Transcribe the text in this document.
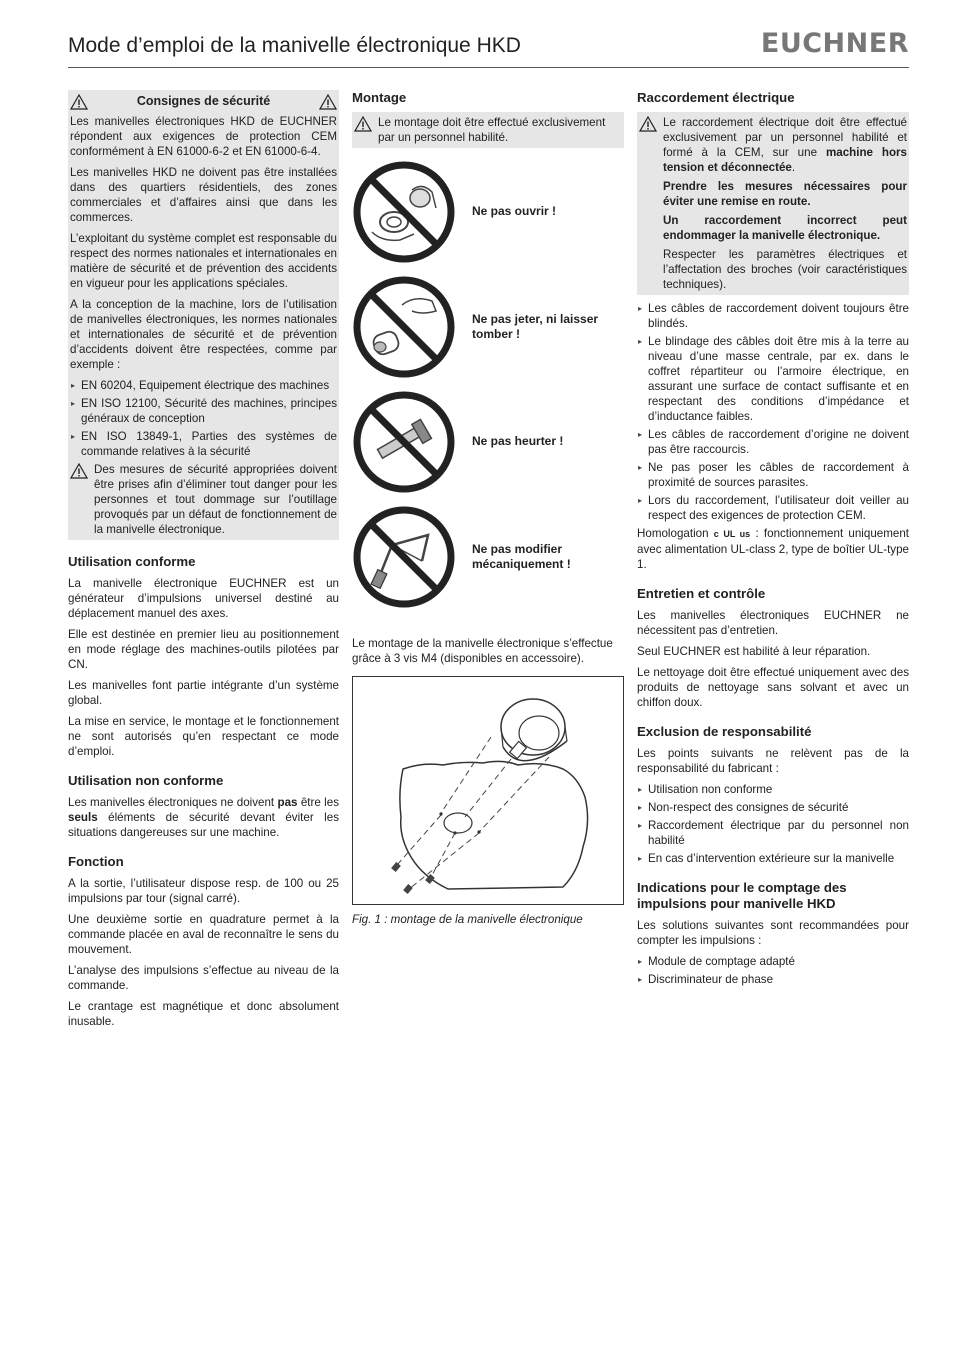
Mode d’emploi de la manivelle électronique HKD	EUCHNER
Consignes de sécurité

Les manivelles électroniques HKD de EUCHNER répondent aux exigences de protection CEM conformément à EN 61000-6-2 et EN 61000-6-4.

Les manivelles HKD ne doivent pas être installées dans des quartiers résidentiels, des zones commerciales et d’affaires ainsi que dans les commerces.

L’exploitant du système complet est responsable du respect des normes nationales et internationales en matière de sécurité et de prévention des accidents en vigueur pour les applications spéciales.

A la conception de la machine, lors de l’utilisation de manivelles électroniques, les normes nationales et internationales de sécurité et de prévention d’accidents doivent être respectées, comme par exemple :

▸ EN 60204, Equipement électrique des machines
▸ EN ISO 12100, Sécurité des machines, principes généraux de conception
▸ EN ISO 13849-1, Parties des systèmes de commande relatives à la sécurité
Des mesures de sécurité appropriées doivent être prises afin d’éliminer tout danger pour les personnes et tout dommage sur l’outillage provoqués par un défaut de fonctionnement de la manivelle électronique.
Utilisation conforme

La manivelle électronique EUCHNER est un générateur d’impulsions universel destiné au déplacement manuel des axes.

Elle est destinée en premier lieu au positionnement en mode réglage des machines-outils pilotées par CN.

Les manivelles font partie intégrante d’un système global.

La mise en service, le montage et le fonctionnement ne sont autorisés qu’en respectant ce mode d’emploi.

Utilisation non conforme

Les manivelles électroniques ne doivent pas être les seuls éléments de sécurité devant éviter les situations dangereuses sur une machine.

Fonction

A la sortie, l’utilisateur dispose resp. de 100 ou 25 impulsions par tour (signal carré).

Une deuxième sortie en quadrature permet à la commande placée en aval de reconnaître le sens du mouvement.

L’analyse des impulsions s’effectue au niveau de la commande.

Le crantage est magnétique et donc absolument inusable.

Montage
Le montage doit être effectué exclusivement par un personnel habilité.
Ne pas ouvrir !
Ne pas jeter, ni laisser tomber !
Ne pas heurter !
Ne pas modifier mécaniquement !

Le montage de la manivelle électronique s’effectue grâce à 3 vis M4 (disponibles en accessoire).

Fig. 1 : montage de la manivelle électronique
Raccordement électrique

Le raccordement électrique doit être effectué exclusivement par un personnel habilité et formé à la CEM, sur une machine hors tension et déconnectée.

Prendre les mesures nécessaires pour éviter une remise en route.

Un raccordement incorrect peut endommager la manivelle électronique.

Respecter les paramètres électriques et l’affectation des broches (voir caractéristiques techniques).

▸ Les câbles de raccordement doivent toujours être blindés.
▸ Le blindage des câbles doit être mis à la terre au niveau d’une masse centrale, par ex. dans le coffret répartiteur ou l’armoire électrique, en assurant une surface de contact suffisante et en respectant des conditions d’impédance et d’inductance faibles.
▸ Les câbles de raccordement d’origine ne doivent pas être raccourcis.
▸ Ne pas poser les câbles de raccordement à proximité de sources parasites.
▸ Lors du raccordement, l’utilisateur doit veiller au respect des exigences de protection CEM.

Homologation c UL us : fonctionnement uniquement avec alimentation UL-class 2, type de boîtier UL-type 1.

Entretien et contrôle

Les manivelles électroniques EUCHNER ne nécessitent pas d’entretien.

Seul EUCHNER est habilité à leur réparation.

Le nettoyage doit être effectué uniquement avec des produits de nettoyage sans solvant et avec un chiffon doux.

Exclusion de responsabilité

Les points suivants ne relèvent pas de la responsabilité du fabricant :

▸ Utilisation non conforme
▸ Non-respect des consignes de sécurité
▸ Raccordement électrique par du personnel non habilité
▸ En cas d’intervention extérieure sur la manivelle
Indications pour le comptage des impulsions pour manivelle HKD

Les solutions suivantes sont recommandées pour compter les impulsions :

▸ Module de comptage adapté
▸ Discriminateur de phase
